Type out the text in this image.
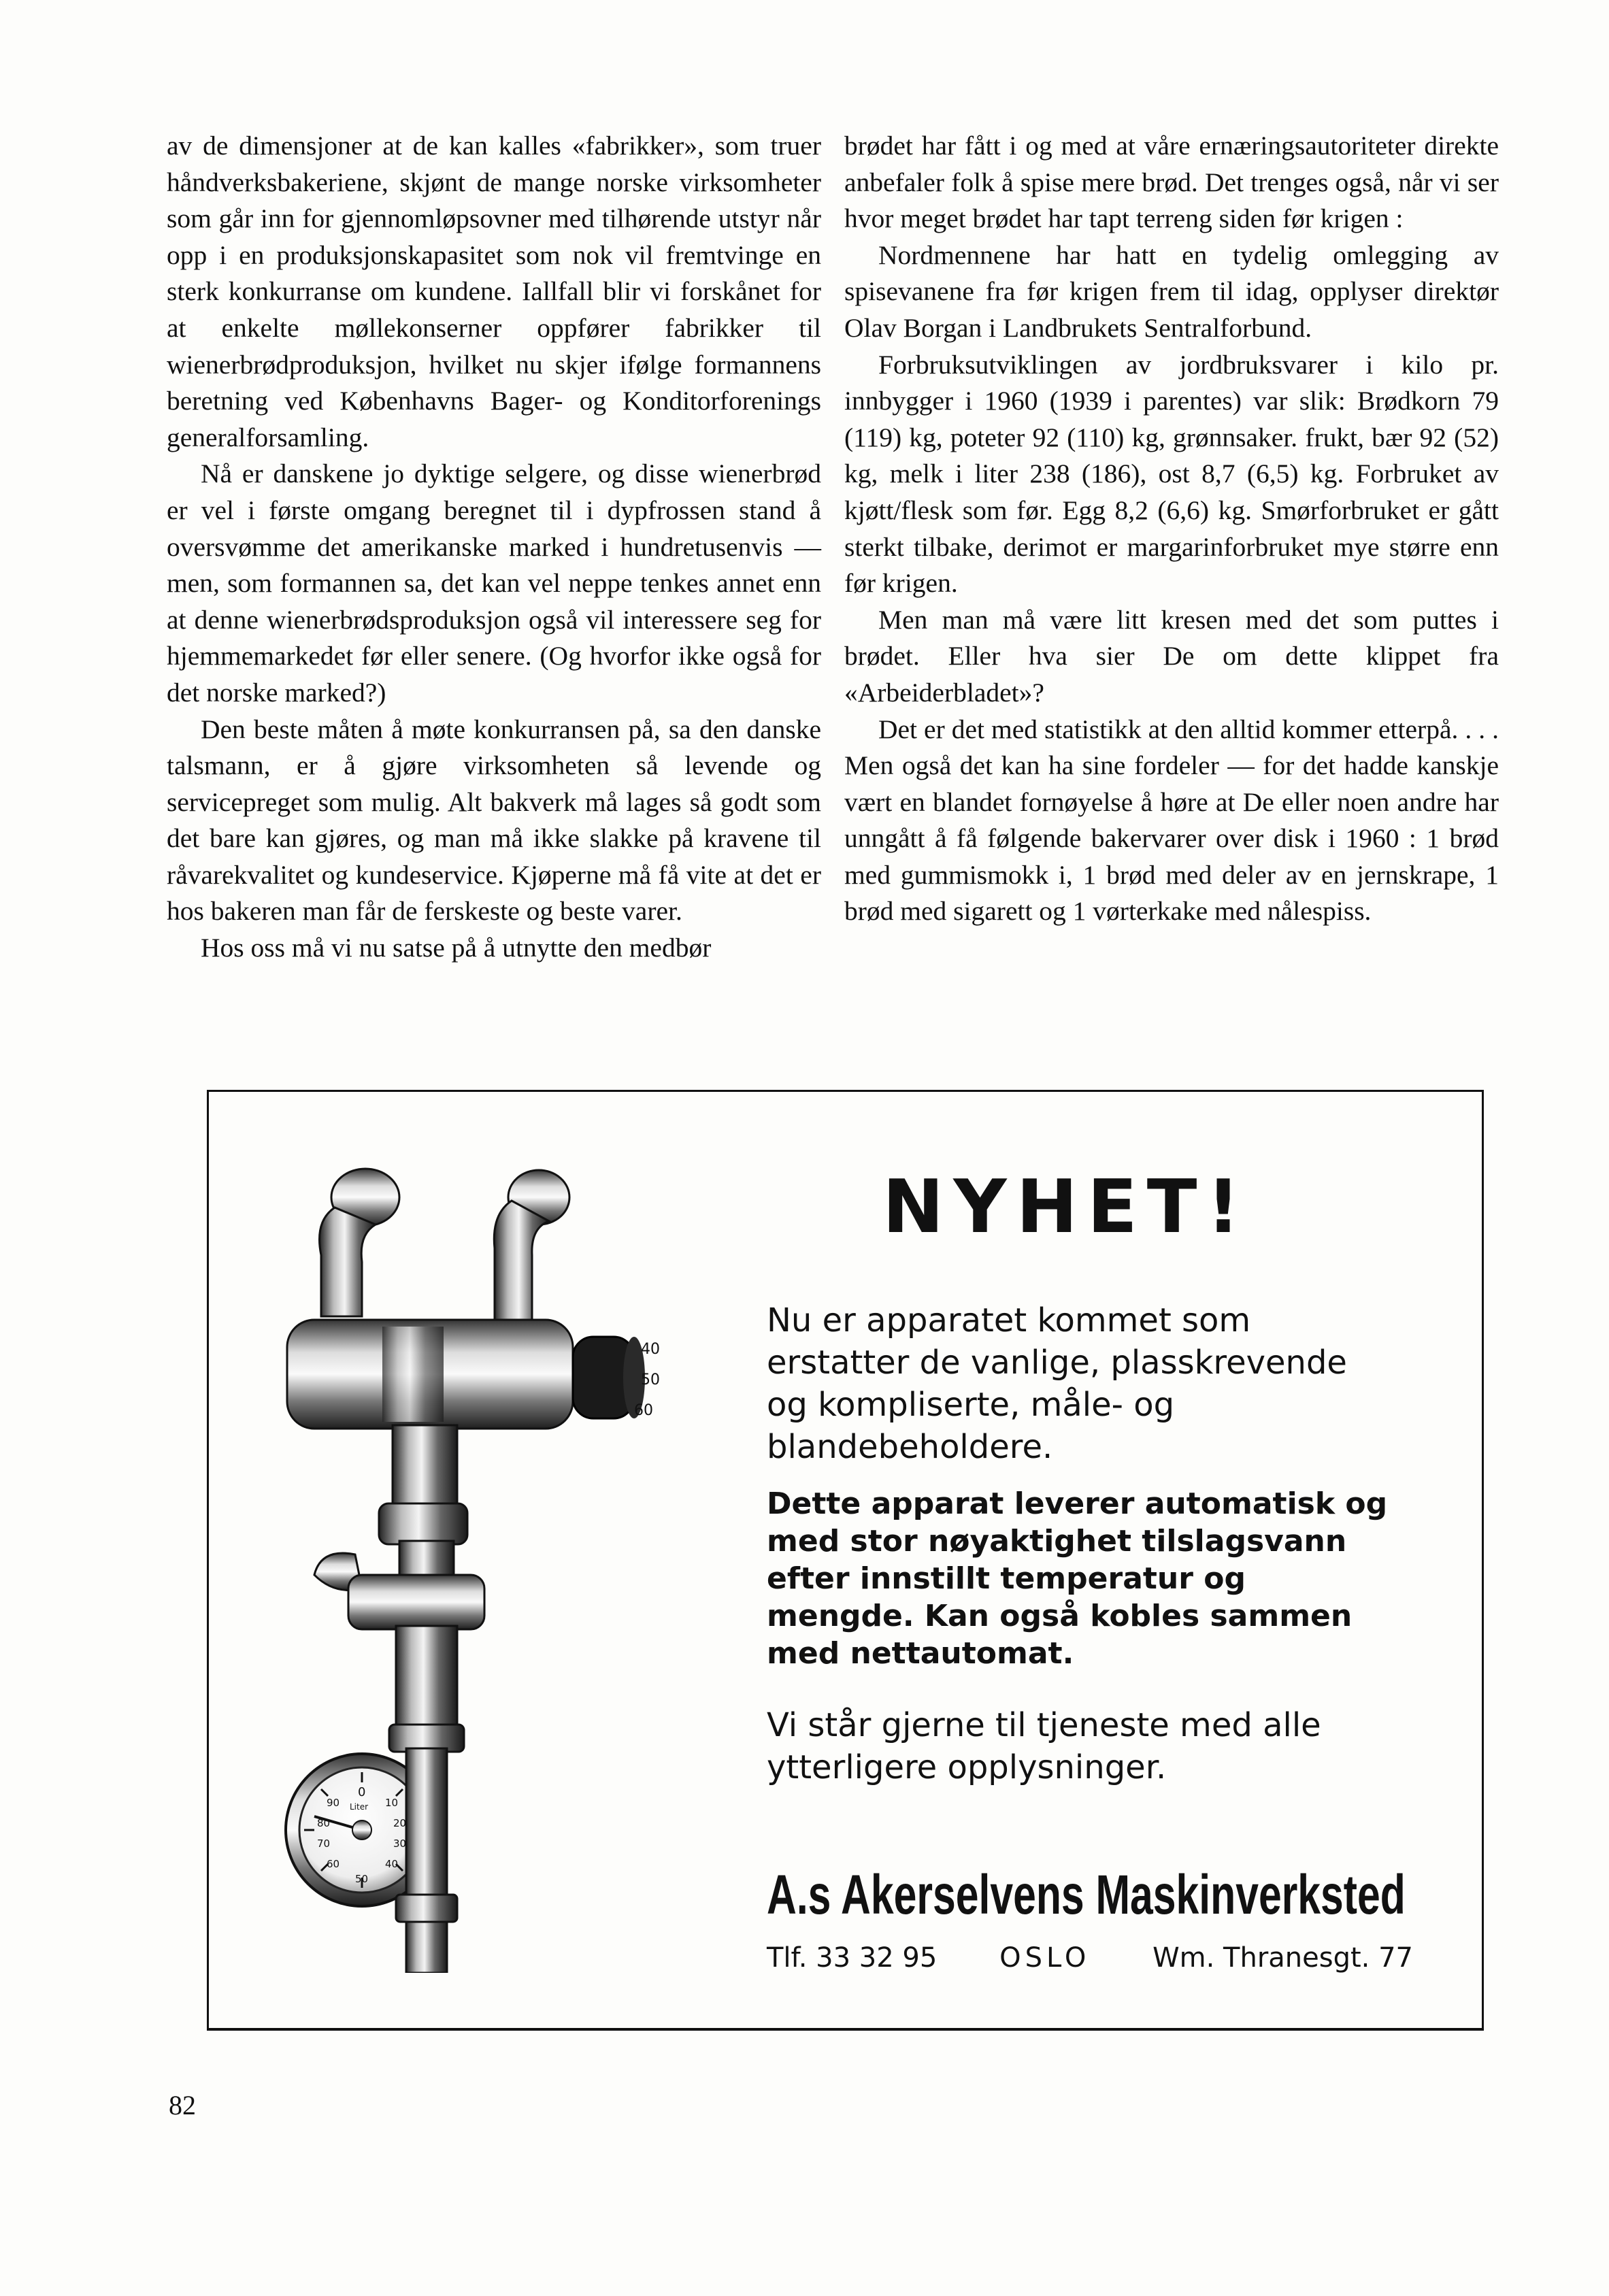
av de dimensjoner at de kan kalles «fabrikker», som truer håndverksbakeriene, skjønt de mange norske virksomheter som går inn for gjennomløpsovner med tilhørende utstyr når opp i en produksjonskapasitet som nok vil fremtvinge en sterk konkurranse om kundene. Iallfall blir vi forskånet for at enkelte møllekonserner oppfører fabrikker til wienerbrødproduksjon, hvilket nu skjer ifølge formannens beretning ved Københavns Bager- og Konditorforenings generalforsamling.

Nå er danskene jo dyktige selgere, og disse wienerbrød er vel i første omgang beregnet til i dypfrossen stand å oversvømme det amerikanske marked i hundretusenvis — men, som formannen sa, det kan vel neppe tenkes annet enn at denne wienerbrødsproduksjon også vil interessere seg for hjemmemarkedet før eller senere. (Og hvorfor ikke også for det norske marked?)

Den beste måten å møte konkurransen på, sa den danske talsmann, er å gjøre virksomheten så levende og servicepreget som mulig. Alt bakverk må lages så godt som det bare kan gjøres, og man må ikke slakke på kravene til råvarekvalitet og kundeservice. Kjøperne må få vite at det er hos bakeren man får de ferskeste og beste varer.

Hos oss må vi nu satse på å utnytte den medbør

brødet har fått i og med at våre ernæringsautoriteter direkte anbefaler folk å spise mere brød. Det trenges også, når vi ser hvor meget brødet har tapt terreng siden før krigen :

Nordmennene har hatt en tydelig omlegging av spisevanene fra før krigen frem til idag, opplyser direktør Olav Borgan i Landbrukets Sentralforbund.

Forbruksutviklingen av jordbruksvarer i kilo pr. innbygger i 1960 (1939 i parentes) var slik: Brødkorn 79 (119) kg, poteter 92 (110) kg, grønnsaker. frukt, bær 92 (52) kg, melk i liter 238 (186), ost 8,7 (6,5) kg. Forbruket av kjøtt/flesk som før. Egg 8,2 (6,6) kg. Smørforbruket er gått sterkt tilbake, derimot er margarinforbruket mye større enn før krigen.

Men man må være litt kresen med det som puttes i brødet. Eller hva sier De om dette klippet fra «Arbeiderbladet»?

Det er det med statistikk at den alltid kommer etterpå. . . . Men også det kan ha sine fordeler — for det hadde kanskje vært en blandet fornøyelse å høre at De eller noen andre har unngått å få følgende bakervarer over disk i 1960 : 1 brød med gummismokk i, 1 brød med deler av en jernskrape, 1 brød med sigarett og 1 vørterkake med nålespiss.

40
50
60
0
10
20
30
40
50
60
70
80
90 Liter
NYHET!
Nu er apparatet kommet som erstatter de vanlige, plasskrevende og kompliserte, måle- og blandebeholdere.
Dette apparat leverer automatisk og med stor nøyaktighet tilslagsvann efter innstillt temperatur og mengde. Kan også kobles sammen med nettautomat.
Vi står gjerne til tjeneste med alle ytterligere opplysninger.
A.s Akerselvens Maskinverksted
Tlf. 33 32 95 OSLO Wm. Thranesgt. 77
82
